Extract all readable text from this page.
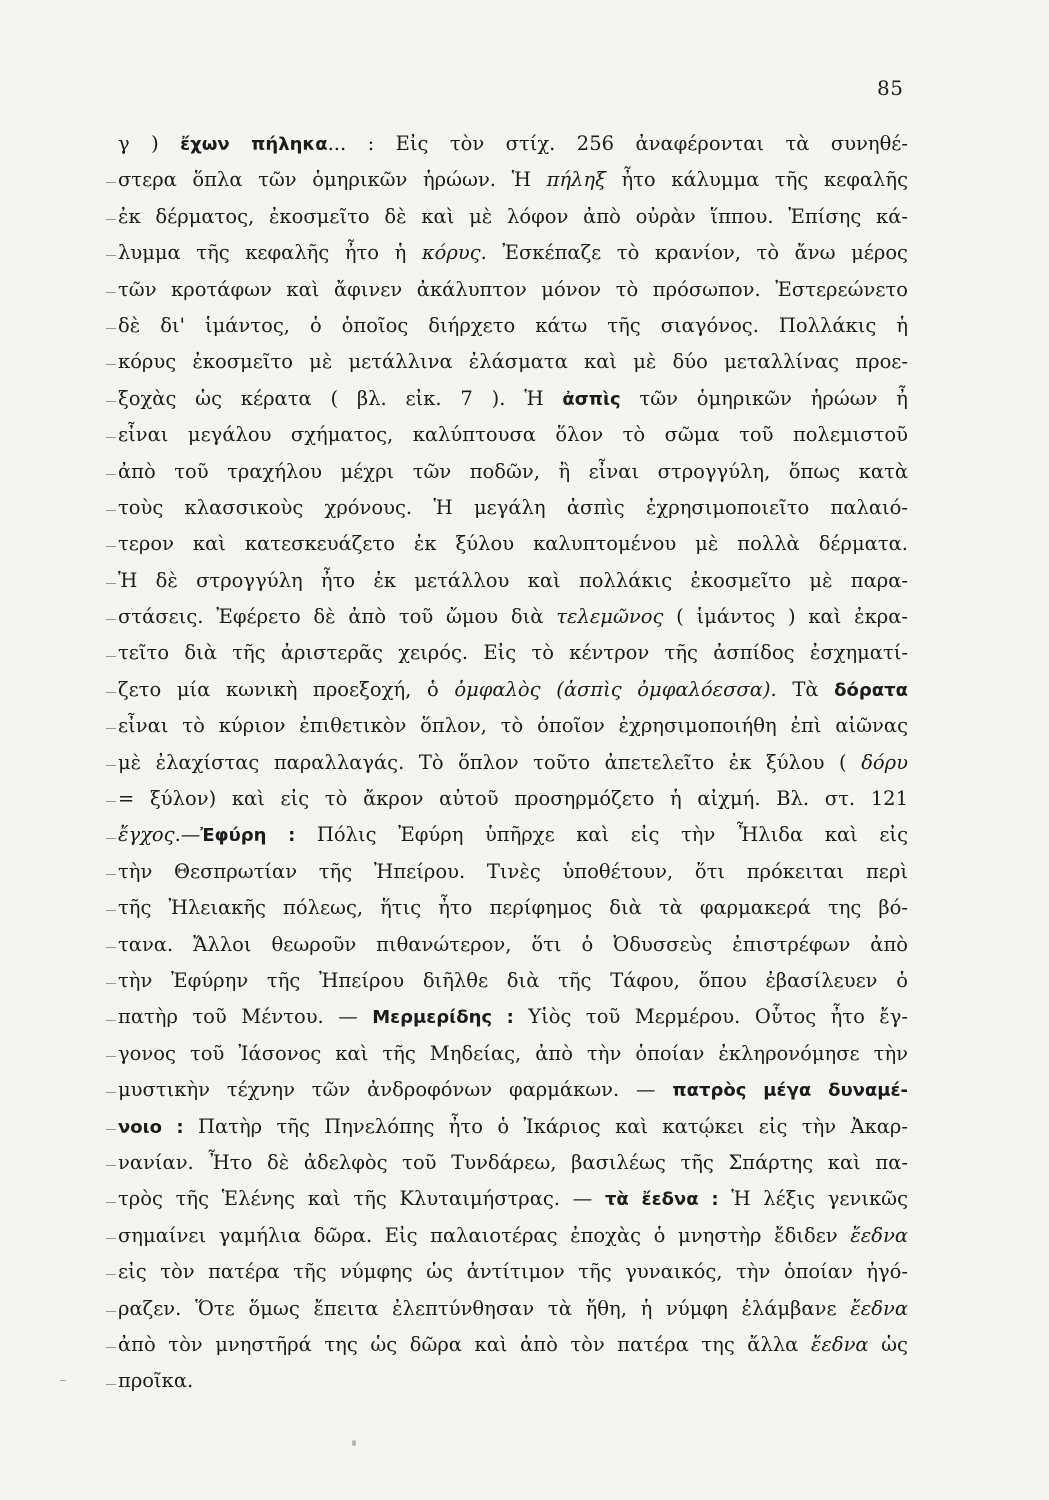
85
γ ) ἔχων πήληκα... : Εἰς τὸν στίχ. 256 ἀναφέρονται τὰ συνηθέ-
στερα ὅπλα τῶν ὁμηρικῶν ἡρώων. Ἡ πήληξ ἦτο κάλυμμα τῆς κεφαλῆς
ἐκ δέρματος, ἐκοσμεῖτο δὲ καὶ μὲ λόφον ἀπὸ οὐρὰν ἵππου. Ἐπίσης κά-
λυμμα τῆς κεφαλῆς ἦτο ἡ κόρυς. Ἐσκέπαζε τὸ κρανίον, τὸ ἄνω μέρος
τῶν κροτάφων καὶ ἄφινεν ἀκάλυπτον μόνον τὸ πρόσωπον. Ἐστερεώνετο
δὲ δι' ἱμάντος, ὁ ὁποῖος διήρχετο κάτω τῆς σιαγόνος. Πολλάκις ἡ
κόρυς ἐκοσμεῖτο μὲ μετάλλινα ἐλάσματα καὶ μὲ δύο μεταλλίνας προε-
ξοχὰς ὡς κέρατα ( βλ. εἰκ. 7 ). Ἡ ἀσπὶς τῶν ὁμηρικῶν ἡρώων ἦ
εἶναι μεγάλου σχήματος, καλύπτουσα ὅλον τὸ σῶμα τοῦ πολεμιστοῦ
ἀπὸ τοῦ τραχήλου μέχρι τῶν ποδῶν, ἢ εἶναι στρογγύλη, ὅπως κατὰ
τοὺς κλασσικοὺς χρόνους. Ἡ μεγάλη ἀσπὶς ἐχρησιμοποιεῖτο παλαιό-
τερον καὶ κατεσκευάζετο ἐκ ξύλου καλυπτομένου μὲ πολλὰ δέρματα.
Ἡ δὲ στρογγύλη ἦτο ἐκ μετάλλου καὶ πολλάκις ἐκοσμεῖτο μὲ παρα-
στάσεις. Ἐφέρετο δὲ ἀπὸ τοῦ ὤμου διὰ τελεμῶνος ( ἱμάντος ) καὶ ἐκρα-
τεῖτο διὰ τῆς ἀριστερᾶς χειρός. Εἰς τὸ κέντρον τῆς ἀσπίδος ἐσχηματί-
ζετο μία κωνικὴ προεξοχή, ὁ ὀμφαλὸς (ἀσπὶς ὀμφαλόεσσα). Τὰ δόρατα
εἶναι τὸ κύριον ἐπιθετικὸν ὅπλον, τὸ ὁποῖον ἐχρησιμοποιήθη ἐπὶ αἰῶνας
μὲ ἐλαχίστας παραλλαγάς. Τὸ ὅπλον τοῦτο ἀπετελεῖτο ἐκ ξύλου ( δόρυ
= ξύλον) καὶ εἰς τὸ ἄκρον αὐτοῦ προσηρμόζετο ἡ αἰχμή. Βλ. στ. 121
ἔγχος.—Ἐφύρη : Πόλις Ἐφύρη ὑπῆρχε καὶ εἰς τὴν Ἦλιδα καὶ εἰς
τὴν Θεσπρωτίαν τῆς Ἠπείρου. Τινὲς ὑποθέτουν, ὅτι πρόκειται περὶ
τῆς Ἠλειακῆς πόλεως, ἥτις ἦτο περίφημος διὰ τὰ φαρμακερά της βό-
τανα. Ἄλλοι θεωροῦν πιθανώτερον, ὅτι ὁ Ὀδυσσεὺς ἐπιστρέφων ἀπὸ
τὴν Ἐφύρην τῆς Ἠπείρου διῆλθε διὰ τῆς Τάφου, ὅπου ἐβασίλευεν ὁ
πατὴρ τοῦ Μέντου. — Μερμερίδης : Υἱὸς τοῦ Μερμέρου. Οὗτος ἦτο ἔγ-
γονος τοῦ Ἰάσονος καὶ τῆς Μηδείας, ἀπὸ τὴν ὁποίαν ἐκληρονόμησε τὴν
μυστικὴν τέχνην τῶν ἀνδροφόνων φαρμάκων. — πατρὸς μέγα δυναμέ-
νοιο : Πατὴρ τῆς Πηνελόπης ἦτο ὁ Ἰκάριος καὶ κατῴκει εἰς τὴν Ἀκαρ-
νανίαν. Ἦτο δὲ ἀδελφὸς τοῦ Τυνδάρεω, βασιλέως τῆς Σπάρτης καὶ πα-
τρὸς τῆς Ἑλένης καὶ τῆς Κλυταιμήστρας. — τὰ ἔεδνα : Ἡ λέξις γενικῶς
σημαίνει γαμήλια δῶρα. Εἰς παλαιοτέρας ἐποχὰς ὁ μνηστὴρ ἔδιδεν ἔεδνα
εἰς τὸν πατέρα τῆς νύμφης ὡς ἀντίτιμον τῆς γυναικός, τὴν ὁποίαν ἠγό-
ραζεν. Ὅτε ὅμως ἔπειτα ἐλεπτύνθησαν τὰ ἤθη, ἡ νύμφη ἐλάμβανε ἔεδνα
ἀπὸ τὸν μνηστῆρά της ὡς δῶρα καὶ ἀπὸ τὸν πατέρα της ἄλλα ἔεδνα ὡς
προῖκα.
